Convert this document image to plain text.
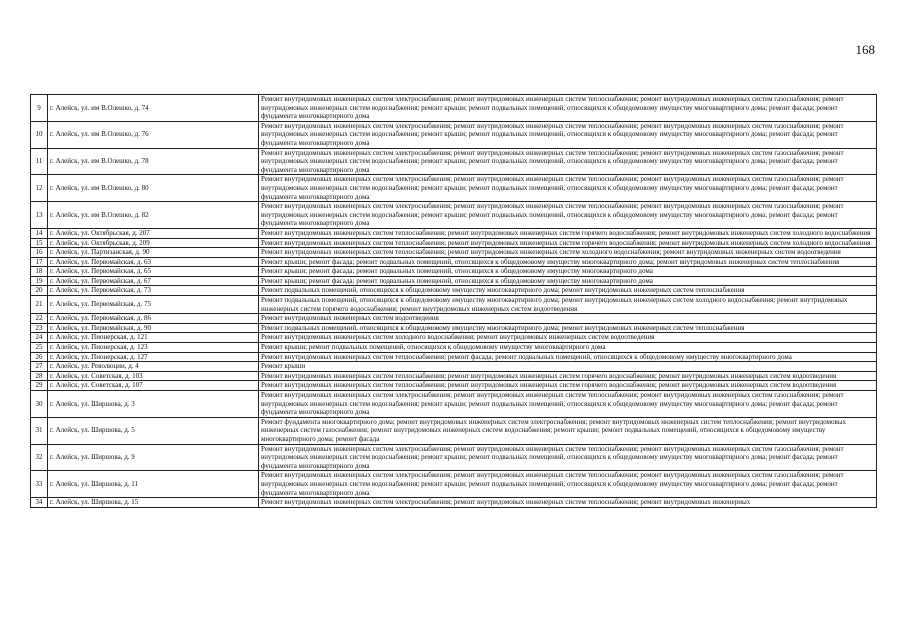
168
9	г. Алейск, ул. им В.Олешко, д. 74	Ремонт внутридомовых инженерных систем электроснабжения; ремонт внутридомовых инженерных систем теплоснабжения; ремонт внутридомовых инженерных систем газоснабжения; ремонт внутридомовых инженерных систем водоснабжения; ремонт крыши; ремонт подвальных помещений, относящихся к общедомовому имуществу многоквартирного дома; ремонт фасада; ремонт фундамента многоквартирного дома
10	г. Алейск, ул. им В.Олешко, д. 76	Ремонт внутридомовых инженерных систем электроснабжения; ремонт внутридомовых инженерных систем теплоснабжения; ремонт внутридомовых инженерных систем газоснабжения; ремонт внутридомовых инженерных систем водоснабжения; ремонт крыши; ремонт подвальных помещений, относящихся к общедомовому имуществу многоквартирного дома; ремонт фасада; ремонт фундамента многоквартирного дома
11	г. Алейск, ул. им В.Олешко, д. 78	Ремонт внутридомовых инженерных систем электроснабжения; ремонт внутридомовых инженерных систем теплоснабжения; ремонт внутридомовых инженерных систем газоснабжения; ремонт внутридомовых инженерных систем водоснабжения; ремонт крыши; ремонт подвальных помещений, относящихся к общедомовому имуществу многоквартирного дома; ремонт фасада; ремонт фундамента многоквартирного дома
12	г. Алейск, ул. им В.Олешко, д. 80	Ремонт внутридомовых инженерных систем электроснабжения; ремонт внутридомовых инженерных систем теплоснабжения; ремонт внутридомовых инженерных систем газоснабжения; ремонт внутридомовых инженерных систем водоснабжения; ремонт крыши; ремонт подвальных помещений, относящихся к общедомовому имуществу многоквартирного дома; ремонт фасада; ремонт фундамента многоквартирного дома
13	г. Алейск, ул. им В.Олешко, д. 82	Ремонт внутридомовых инженерных систем электроснабжения; ремонт внутридомовых инженерных систем теплоснабжения; ремонт внутридомовых инженерных систем газоснабжения; ремонт внутридомовых инженерных систем водоснабжения; ремонт крыши; ремонт подвальных помещений, относящихся к общедомовому имуществу многоквартирного дома; ремонт фасада; ремонт фундамента многоквартирного дома
14	г. Алейск, ул. Октябрьская, д. 207	Ремонт внутридомовых инженерных систем теплоснабжения; ремонт внутридомовых инженерных систем горячего водоснабжения; ремонт внутридомовых инженерных систем холодного водоснабжения
15	г. Алейск, ул. Октябрьская, д. 209	Ремонт внутридомовых инженерных систем теплоснабжения; ремонт внутридомовых инженерных систем горячего водоснабжения; ремонт внутридомовых инженерных систем холодного водоснабжения
16	г. Алейск, ул. Партизанская, д. 90	Ремонт внутридомовых инженерных систем теплоснабжения; ремонт внутридомовых инженерных систем холодного водоснабжения; ремонт внутридомовых инженерных систем водоотведения
17	г. Алейск, ул. Первомайская, д. 63	Ремонт крыши; ремонт фасада; ремонт подвальных помещений, относящихся к общедомовому имуществу многоквартирного дома; ремонт внутридомовых инженерных систем теплоснабжения
18	г. Алейск, ул. Первомайская, д. 65	Ремонт крыши; ремонт фасада; ремонт подвальных помещений, относящихся к общедомовому имуществу многоквартирного дома
19	г. Алейск, ул. Первомайская, д. 67	Ремонт крыши; ремонт фасада; ремонт подвальных помещений, относящихся к общедомовому имуществу многоквартирного дома
20	г. Алейск, ул. Первомайская, д. 73	Ремонт подвальных помещений, относящихся к общедомовому имуществу многоквартирного дома; ремонт внутридомовых инженерных систем теплоснабжения
21	г. Алейск, ул. Первомайская, д. 75	Ремонт подвальных помещений, относящихся к общедомовому имуществу многоквартирного дома; ремонт внутридомовых инженерных систем холодного водоснабжения; ремонт внутридомовых инженерных систем горячего водоснабжения; ремонт внутридомовых инженерных систем водоотведения
22	г. Алейск, ул. Первомайская, д. 86	Ремонт внутридомовых инженерных систем водоотведения
23	г. Алейск, ул. Первомайская, д. 90	Ремонт подвальных помещений, относящихся к общедомовому имуществу многоквартирного дома; ремонт внутридомовых инженерных систем теплоснабжения
24	г. Алейск, ул. Пионерская, д. 121	Ремонт внутридомовых инженерных систем холодного водоснабжения; ремонт внутридомовых инженерных систем водоотведения
25	г. Алейск, ул. Пионерская, д. 123	Ремонт крыши; ремонт подвальных помещений, относящихся к общедомовому имуществу многоквартирного дома
26	г. Алейск, ул. Пионерская, д. 127	Ремонт внутридомовых инженерных систем теплоснабжения; ремонт фасада; ремонт подвальных помещений, относящихся к общедомовому имуществу многоквартирного дома
27	г. Алейск, ул. Революции, д. 4	Ремонт крыши
28	г. Алейск, ул. Советская, д. 103	Ремонт внутридомовых инженерных систем теплоснабжения; ремонт внутридомовых инженерных систем горячего водоснабжения; ремонт внутридомовых инженерных систем водоотведения
29	г. Алейск, ул. Советская, д. 107	Ремонт внутридомовых инженерных систем теплоснабжения; ремонт внутридомовых инженерных систем горячего водоснабжения; ремонт внутридомовых инженерных систем водоотведения
30	г. Алейск, ул. Ширшова, д. 3	Ремонт внутридомовых инженерных систем электроснабжения; ремонт внутридомовых инженерных систем теплоснабжения; ремонт внутридомовых инженерных систем газоснабжения; ремонт внутридомовых инженерных систем водоснабжения; ремонт крыши; ремонт подвальных помещений, относящихся к общедомовому имуществу многоквартирного дома; ремонт фасада; ремонт фундамента многоквартирного дома
31	г. Алейск, ул. Ширшова, д. 5	Ремонт фундамента многоквартирного дома; ремонт внутридомовых инженерных систем электроснабжения; ремонт внутридомовых инженерных систем теплоснабжения; ремонт внутридомовых инженерных систем газоснабжения; ремонт внутридомовых инженерных систем водоснабжения; ремонт крыши; ремонт подвальных помещений, относящихся к общедомовому имуществу многоквартирного дома; ремонт фасада
32	г. Алейск, ул. Ширшова, д. 9	Ремонт внутридомовых инженерных систем электроснабжения; ремонт внутридомовых инженерных систем теплоснабжения; ремонт внутридомовых инженерных систем газоснабжения; ремонт внутридомовых инженерных систем водоснабжения; ремонт крыши; ремонт подвальных помещений, относящихся к общедомовому имуществу многоквартирного дома; ремонт фасада; ремонт фундамента многоквартирного дома
33	г. Алейск, ул. Ширшова, д. 11	Ремонт внутридомовых инженерных систем электроснабжения; ремонт внутридомовых инженерных систем теплоснабжения; ремонт внутридомовых инженерных систем газоснабжения; ремонт внутридомовых инженерных систем водоснабжения; ремонт крыши; ремонт подвальных помещений, относящихся к общедомовому имуществу многоквартирного дома; ремонт фасада; ремонт фундамента многоквартирного дома
34	г. Алейск, ул. Ширшова, д. 15	Ремонт внутридомовых инженерных систем электроснабжения; ремонт внутридомовых инженерных систем теплоснабжения; ремонт внутридомовых инженерных
